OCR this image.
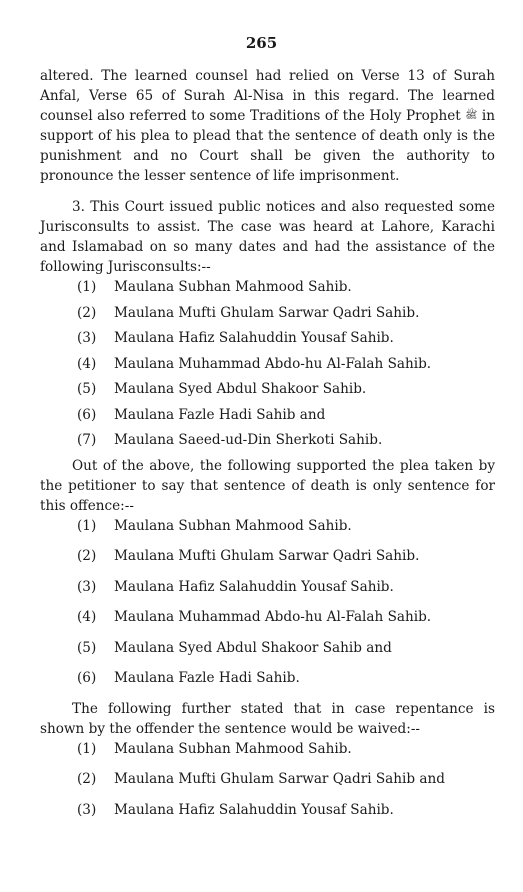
265

altered. The learned counsel had relied on Verse 13 of Surah Anfal, Verse 65 of Surah Al-Nisa in this regard. The learned counsel also referred to some Traditions of the Holy Prophet ﷺ in support of his plea to plead that the sentence of death only is the punishment and no Court shall be given the authority to pronounce the lesser sentence of life imprisonment.

3. This Court issued public notices and also requested some Jurisconsults to assist. The case was heard at Lahore, Karachi and Islamabad on so many dates and had the assistance of the following Jurisconsults:--

(1)	Maulana Subhan Mahmood Sahib.
(2)	Maulana Mufti Ghulam Sarwar Qadri Sahib.
(3)	Maulana Hafiz Salahuddin Yousaf Sahib.
(4)	Maulana Muhammad Abdo-hu Al-Falah Sahib.
(5)	Maulana Syed Abdul Shakoor Sahib.
(6)	Maulana Fazle Hadi Sahib and
(7)	Maulana Saeed-ud-Din Sherkoti Sahib.

Out of the above, the following supported the plea taken by the petitioner to say that sentence of death is only sentence for this offence:--

(1)	Maulana Subhan Mahmood Sahib.
(2)	Maulana Mufti Ghulam Sarwar Qadri Sahib.
(3)	Maulana Hafiz Salahuddin Yousaf Sahib.
(4)	Maulana Muhammad Abdo-hu Al-Falah Sahib.
(5)	Maulana Syed Abdul Shakoor Sahib and
(6)	Maulana Fazle Hadi Sahib.

The following further stated that in case repentance is shown by the offender the sentence would be waived:--

(1)	Maulana Subhan Mahmood Sahib.
(2)	Maulana Mufti Ghulam Sarwar Qadri Sahib and
(3)	Maulana Hafiz Salahuddin Yousaf Sahib.
